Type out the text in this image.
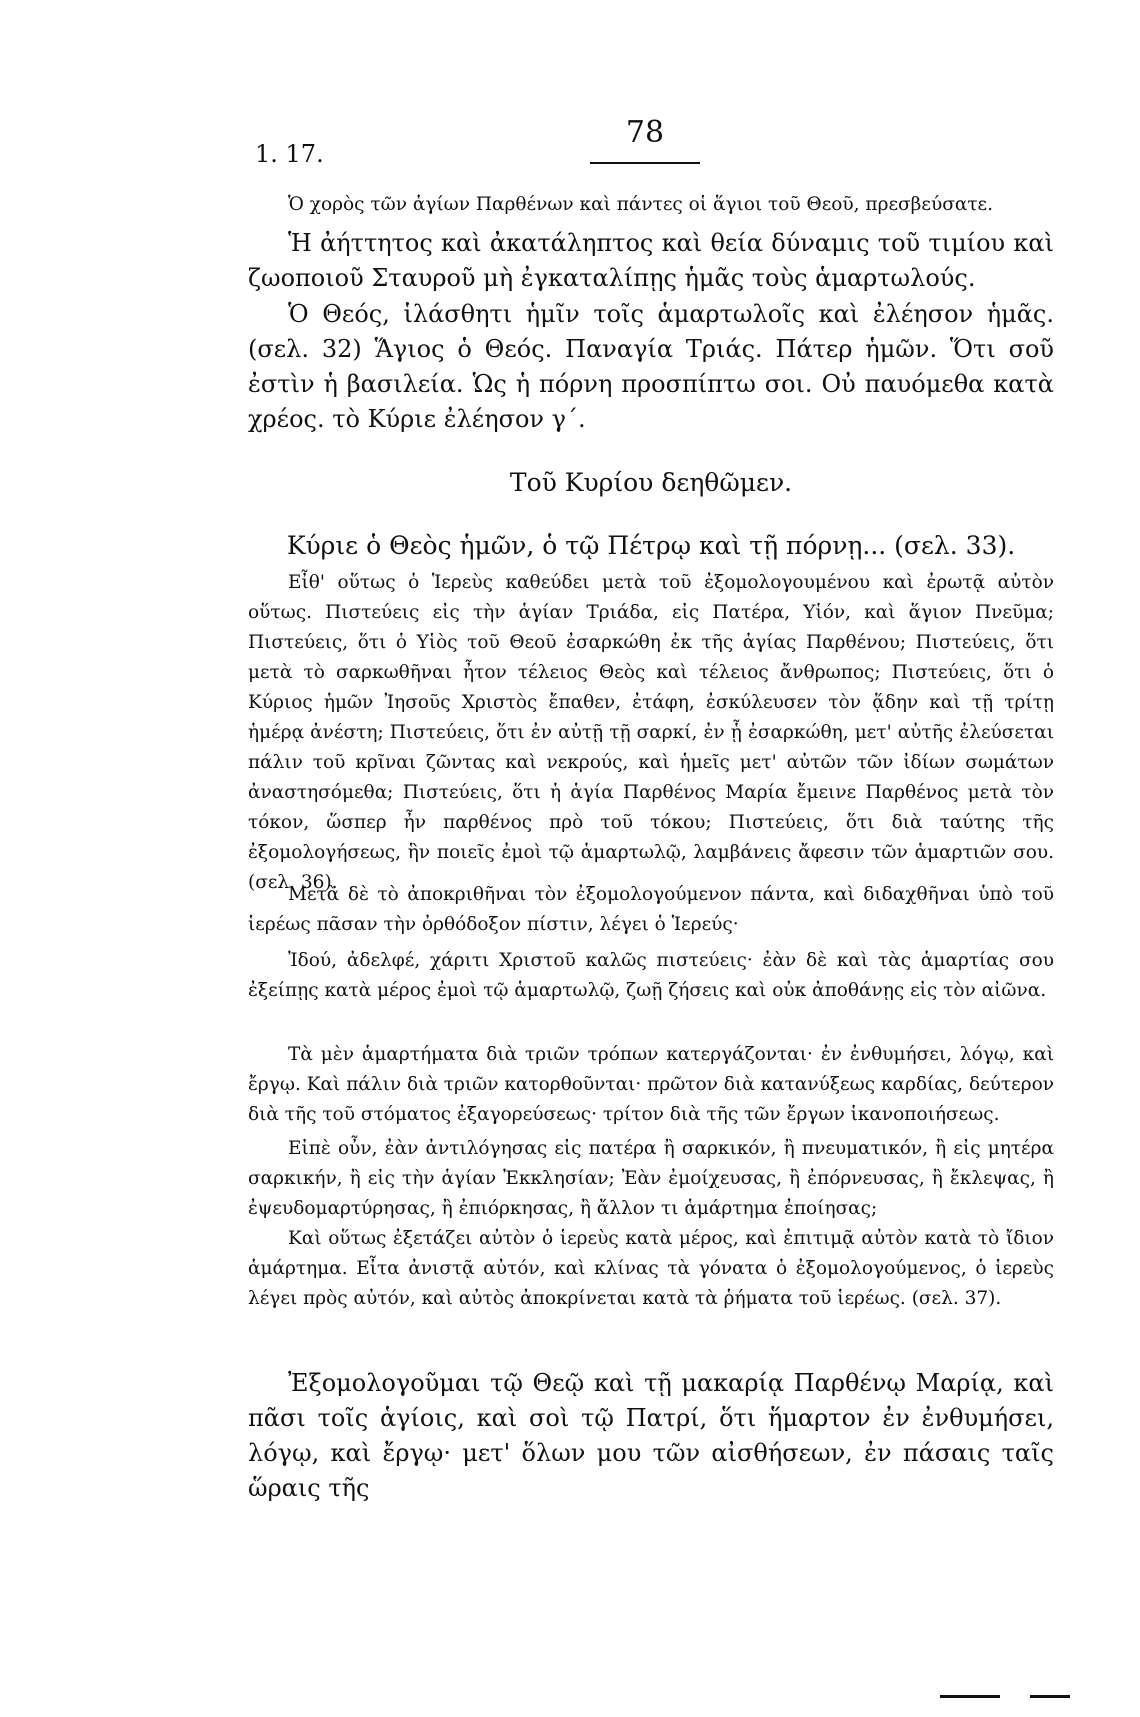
1. 17.
78
Ὁ χορὸς τῶν ἁγίων Παρθένων καὶ πάντες οἱ ἅγιοι τοῦ Θεοῦ, πρεσβεύσατε.
Ἡ ἀήττητος καὶ ἀκατάληπτος καὶ θεία δύναμις τοῦ τιμίου καὶ ζωοποιοῦ Σταυροῦ μὴ ἐγκαταλίπῃς ἡμᾶς τοὺς ἁμαρτωλούς.
Ὁ Θεός, ἱλάσθητι ἡμῖν τοῖς ἁμαρτωλοῖς καὶ ἐλέησον ἡμᾶς. (σελ. 32) Ἅγιος ὁ Θεός. Παναγία Τριάς. Πάτερ ἡμῶν. Ὅτι σοῦ ἐστὶν ἡ βασιλεία. Ὡς ἡ πόρνη προσπίπτω σοι. Οὐ παυόμεθα κατὰ χρέος. τὸ Κύριε ἐλέησον γ΄.
Τοῦ Κυρίου δεηθῶμεν.
Κύριε ὁ Θεὸς ἡμῶν, ὁ τῷ Πέτρῳ καὶ τῇ πόρνῃ... (σελ. 33).
Εἶθ' οὕτως ὁ Ἱερεὺς καθεύδει μετὰ τοῦ ἐξομολογουμένου καὶ ἐρωτᾷ αὐτὸν οὕτως. Πιστεύεις εἰς τὴν ἁγίαν Τριάδα, εἰς Πατέρα, Υἱόν, καὶ ἅγιον Πνεῦμα; Πιστεύεις, ὅτι ὁ Υἱὸς τοῦ Θεοῦ ἐσαρκώθη ἐκ τῆς ἁγίας Παρθένου; Πιστεύεις, ὅτι μετὰ τὸ σαρκωθῆναι ἦτον τέλειος Θεὸς καὶ τέλειος ἄνθρωπος; Πιστεύεις, ὅτι ὁ Κύριος ἡμῶν Ἰησοῦς Χριστὸς ἔπαθεν, ἐτάφη, ἐσκύλευσεν τὸν ᾅδην καὶ τῇ τρίτῃ ἡμέρᾳ ἀνέστη; Πιστεύεις, ὅτι ἐν αὐτῇ τῇ σαρκί, ἐν ᾗ ἐσαρκώθη, μετ' αὐτῆς ἐλεύσεται πάλιν τοῦ κρῖναι ζῶντας καὶ νεκρούς, καὶ ἡμεῖς μετ' αὐτῶν τῶν ἰδίων σωμάτων ἀναστησόμεθα; Πιστεύεις, ὅτι ἡ ἁγία Παρθένος Μαρία ἔμεινε Παρθένος μετὰ τὸν τόκον, ὥσπερ ἦν παρθένος πρὸ τοῦ τόκου; Πιστεύεις, ὅτι διὰ ταύτης τῆς ἐξομολογήσεως, ἣν ποιεῖς ἐμοὶ τῷ ἁμαρτωλῷ, λαμβάνεις ἄφεσιν τῶν ἁμαρτιῶν σου. (σελ. 36).
Μετὰ δὲ τὸ ἀποκριθῆναι τὸν ἐξομολογούμενον πάντα, καὶ διδαχθῆναι ὑπὸ τοῦ ἱερέως πᾶσαν τὴν ὀρθόδοξον πίστιν, λέγει ὁ Ἱερεύς·
Ἰδού, ἀδελφέ, χάριτι Χριστοῦ καλῶς πιστεύεις· ἐὰν δὲ καὶ τὰς ἁμαρτίας σου ἐξείπῃς κατὰ μέρος ἐμοὶ τῷ ἁμαρτωλῷ, ζωῇ ζήσεις καὶ οὐκ ἀποθάνῃς εἰς τὸν αἰῶνα.
Τὰ μὲν ἁμαρτήματα διὰ τριῶν τρόπων κατεργάζονται· ἐν ἐνθυμήσει, λόγῳ, καὶ ἔργῳ. Καὶ πάλιν διὰ τριῶν κατορθοῦνται· πρῶτον διὰ κατανύξεως καρδίας, δεύτερον διὰ τῆς τοῦ στόματος ἐξαγορεύσεως· τρίτον διὰ τῆς τῶν ἔργων ἱκανοποιήσεως.
Εἰπὲ οὖν, ἐὰν ἀντιλόγησας εἰς πατέρα ἢ σαρκικόν, ἢ πνευματικόν, ἢ εἰς μητέρα σαρκικήν, ἢ εἰς τὴν ἁγίαν Ἐκκλησίαν; Ἐὰν ἐμοίχευσας, ἢ ἐπόρνευσας, ἢ ἔκλεψας, ἢ ἐψευδομαρτύρησας, ἢ ἐπιόρκησας, ἢ ἄλλον τι ἁμάρτημα ἐποίησας;
Καὶ οὕτως ἐξετάζει αὐτὸν ὁ ἱερεὺς κατὰ μέρος, καὶ ἐπιτιμᾷ αὐτὸν κατὰ τὸ ἴδιον ἁμάρτημα. Εἶτα ἀνιστᾷ αὐτόν, καὶ κλίνας τὰ γόνατα ὁ ἐξομολογούμενος, ὁ ἱερεὺς λέγει πρὸς αὐτόν, καὶ αὐτὸς ἀποκρίνεται κατὰ τὰ ῥήματα τοῦ ἱερέως. (σελ. 37).
Ἐξομολογοῦμαι τῷ Θεῷ καὶ τῇ μακαρίᾳ Παρθένῳ Μαρίᾳ, καὶ πᾶσι τοῖς ἁγίοις, καὶ σοὶ τῷ Πατρί, ὅτι ἥμαρτον ἐν ἐνθυμήσει, λόγῳ, καὶ ἔργῳ· μετ' ὅλων μου τῶν αἰσθήσεων, ἐν πάσαις ταῖς ὥραις τῆς
